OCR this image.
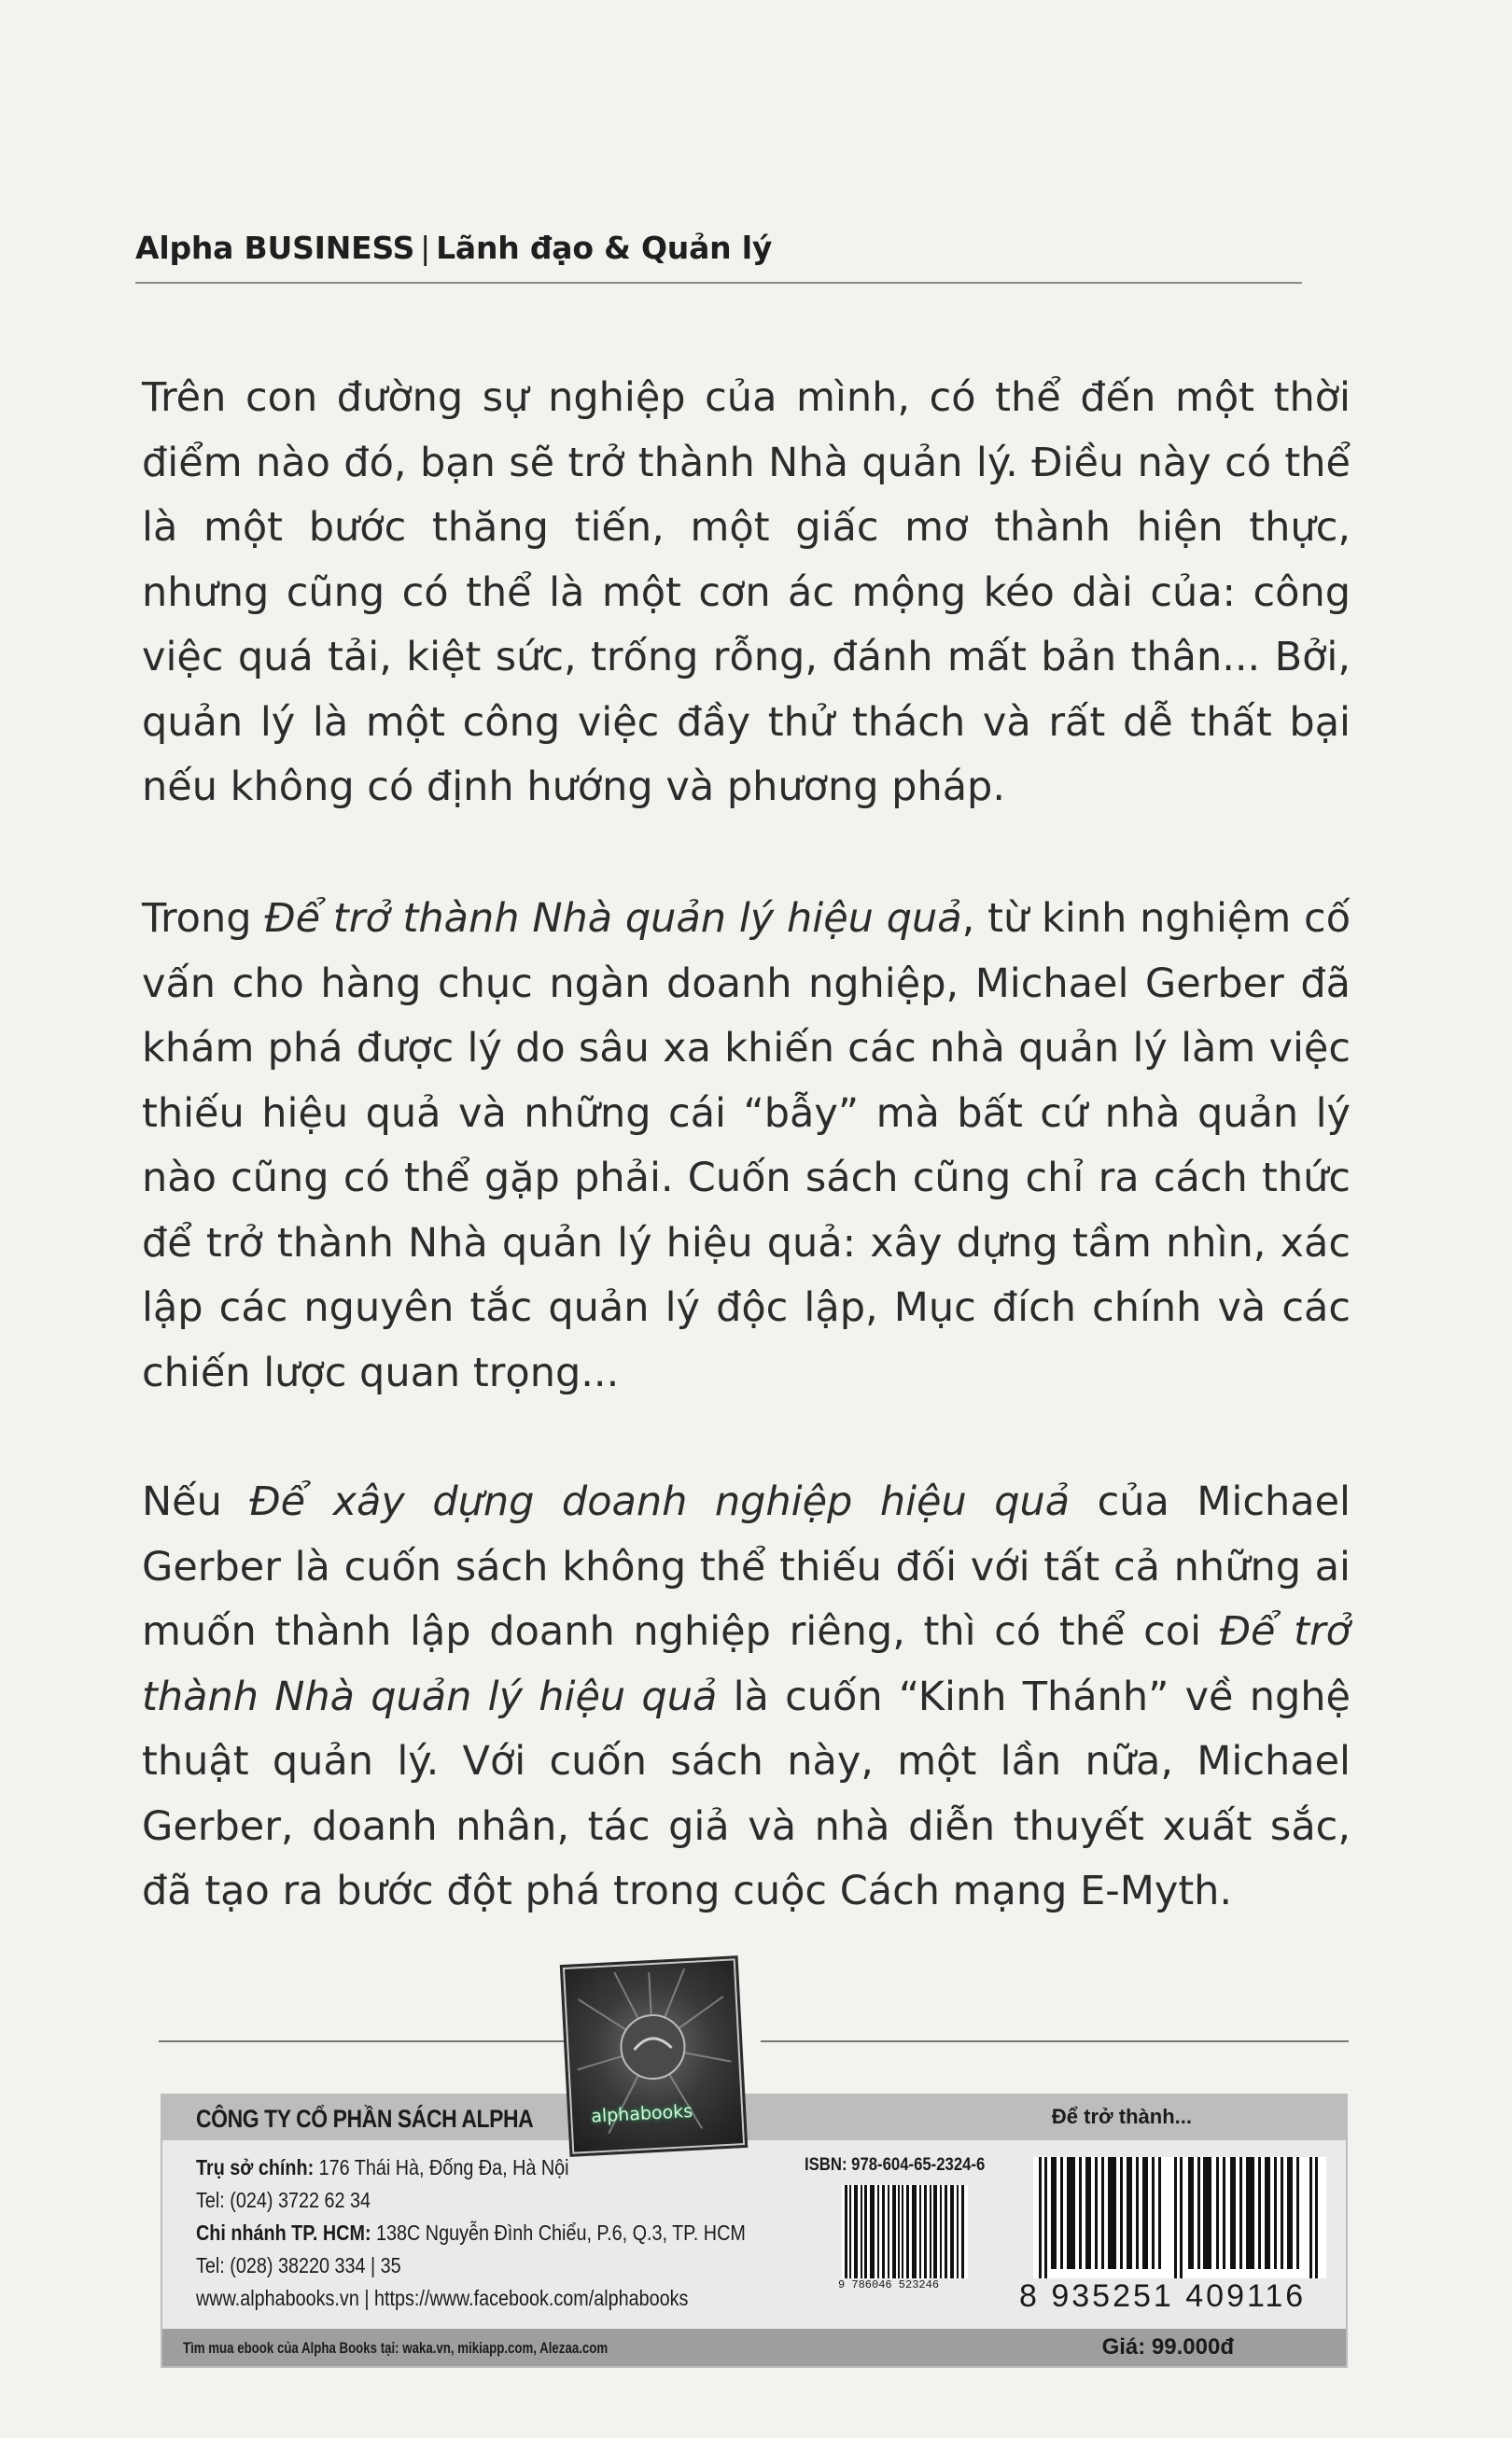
Alpha BUSINESS | Lãnh đạo & Quản lý

Trên con đường sự nghiệp của mình, có thể đến một thời điểm nào đó, bạn sẽ trở thành Nhà quản lý. Điều này có thể là một bước thăng tiến, một giấc mơ thành hiện thực, nhưng cũng có thể là một cơn ác mộng kéo dài của: công việc quá tải, kiệt sức, trống rỗng, đánh mất bản thân... Bởi, quản lý là một công việc đầy thử thách và rất dễ thất bại nếu không có định hướng và phương pháp.

Trong Để trở thành Nhà quản lý hiệu quả, từ kinh nghiệm cố vấn cho hàng chục ngàn doanh nghiệp, Michael Gerber đã khám phá được lý do sâu xa khiến các nhà quản lý làm việc thiếu hiệu quả và những cái “bẫy” mà bất cứ nhà quản lý nào cũng có thể gặp phải. Cuốn sách cũng chỉ ra cách thức để trở thành Nhà quản lý hiệu quả: xây dựng tầm nhìn, xác lập các nguyên tắc quản lý độc lập, Mục đích chính và các chiến lược quan trọng...

Nếu Để xây dựng doanh nghiệp hiệu quả của Michael Gerber là cuốn sách không thể thiếu đối với tất cả những ai muốn thành lập doanh nghiệp riêng, thì có thể coi Để trở thành Nhà quản lý hiệu quả là cuốn “Kinh Thánh” về nghệ thuật quản lý. Với cuốn sách này, một lần nữa, Michael Gerber, doanh nhân, tác giả và nhà diễn thuyết xuất sắc, đã tạo ra bước đột phá trong cuộc Cách mạng E-Myth.

CÔNG TY CỔ PHẦN SÁCH ALPHA	Để trở thành...
Trụ sở chính: 176 Thái Hà, Đống Đa, Hà Nội
Tel: (024) 3722 62 34
Chi nhánh TP. HCM: 138C Nguyễn Đình Chiểu, P.6, Q.3, TP. HCM
Tel: (028) 38220 334 | 35
www.alphabooks.vn | https://www.facebook.com/alphabooks
ISBN: 978-604-65-2324-6
9 786046 523246	8 935251 409116
Tìm mua ebook của Alpha Books tại: waka.vn, mikiapp.com, Alezaa.com	Giá: 99.000đ
alphabooks
